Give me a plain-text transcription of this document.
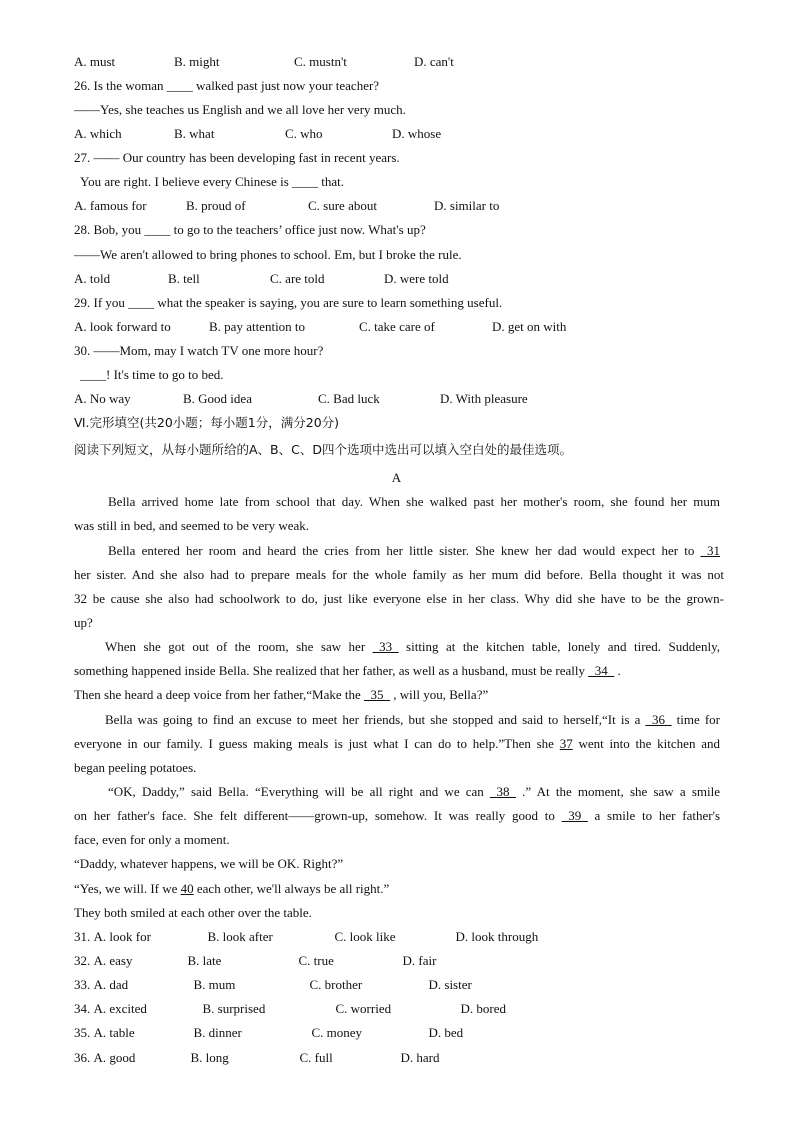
A. must	B. might	C. mustn't	D. can't
26. Is the woman ____ walked past just now your teacher?
——Yes, she teaches us English and we all love her very much.
A. which	B. what	C. who	D. whose
27. —— Our country has been developing fast in recent years.
You are right. I believe every Chinese is ____ that.
A. famous for	B. proud of	C. sure about	D. similar to
28. Bob, you ____ to go to the teachers’ office just now. What's up?
——We aren't allowed to bring phones to school. Em, but I broke the rule.
A. told	B. tell	C. are told	D. were told
29. If you ____ what the speaker is saying, you are sure to learn something useful.
A. look forward to	B. pay attention to	C. take care of	D. get on with
30. ——Mom, may I watch TV one more hour?
____! It's time to go to bed.
A. No way	B. Good idea	C. Bad luck	D. With pleasure
Ⅵ.完形填空(共20小题；每小题1分，满分20分)
阅读下列短文，从每小题所给的A、B、C、D四个选项中选出可以填入空白处的最佳选项。
A
Bella arrived home late from school that day. When she walked past her mother's room, she found her mum
was still in bed, and seemed to be very weak.
Bella entered her room and heard the cries from her little sister. She knew her dad would expect her to _31
her sister. And she also had to prepare meals for the whole family as her mum did before. Bella thought it was not
32 be cause she also had schoolwork to do, just like everyone else in her class. Why did she have to be the grown-
up?
When she got out of the room, she saw her _33_ sitting at the kitchen table, lonely and tired. Suddenly,
something happened inside Bella. She realized that her father, as well as a husband, must be really _34_ .
Then she heard a deep voice from her father,“Make the _35_ , will you, Bella?”
Bella was going to find an excuse to meet her friends, but she stopped and said to herself,“It is a _36_ time for
everyone in our family. I guess making meals is just what I can do to help.”Then she 37 went into the kitchen and
began peeling potatoes.
“OK, Daddy,” said Bella. “Everything will be all right and we can _38_ .” At the moment, she saw a smile
on her father's face. She felt different——grown-up, somehow. It was really good to _39_ a smile to her father's
face, even for only a moment.
“Daddy, whatever happens, we will be OK. Right?”
“Yes, we will. If we 40 each other, we'll always be all right.”
They both smiled at each other over the table.
31. A. look for	B. look after	C. look like	D. look through
32. A. easy	B. late	C. true	D. fair
33. A. dad	B. mum	C. brother	D. sister
34. A. excited	B. surprised	C. worried	D. bored
35. A. table	B. dinner	C. money	D. bed
36. A. good	B. long	C. full	D. hard
